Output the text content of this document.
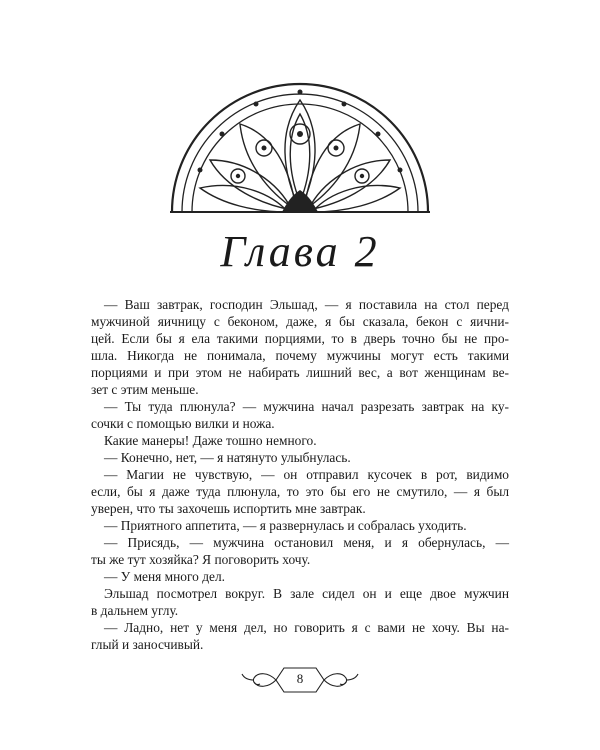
Глава 2
— Ваш завтрак, господин Эльшад, — я поставила на стол перед
мужчиной яичницу с беконом, даже, я бы сказала, бекон с яични-
цей. Если бы я ела такими порциями, то в дверь точно бы не про-
шла. Никогда не понимала, почему мужчины могут есть такими
порциями и при этом не набирать лишний вес, а вот женщинам ве-
зет с этим меньше.
— Ты туда плюнула? — мужчина начал разрезать завтрак на ку-
сочки с помощью вилки и ножа.
Какие манеры! Даже тошно немного.
— Конечно, нет, — я натянуто улыбнулась.
— Магии не чувствую, — он отправил кусочек в рот, видимо
если, бы я даже туда плюнула, то это бы его не смутило, — я был
уверен, что ты захочешь испортить мне завтрак.
— Приятного аппетита, — я развернулась и собралась уходить.
— Присядь, — мужчина остановил меня, и я обернулась, —
ты же тут хозяйка? Я поговорить хочу.
— У меня много дел.
Эльшад посмотрел вокруг. В зале сидел он и еще двое мужчин
в дальнем углу.
— Ладно, нет у меня дел, но говорить я с вами не хочу. Вы на-
глый и заносчивый.
8
